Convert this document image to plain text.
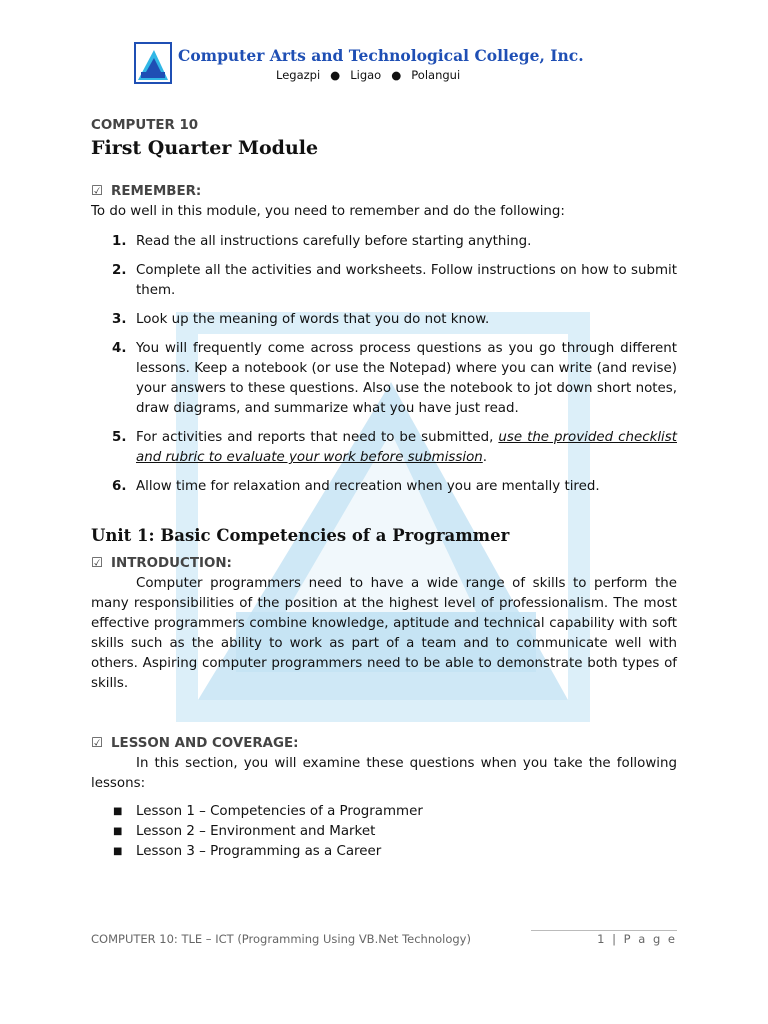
Computer Arts and Technological College, Inc.
Legazpi ● Ligao ● Polangui
COMPUTER 10
First Quarter Module
☑ REMEMBER:
To do well in this module, you need to remember and do the following:
1. Read the all instructions carefully before starting anything.
2. Complete all the activities and worksheets. Follow instructions on how to submit them.
3. Look up the meaning of words that you do not know.
4. You will frequently come across process questions as you go through different lessons. Keep a notebook (or use the Notepad) where you can write (and revise) your answers to these questions. Also use the notebook to jot down short notes, draw diagrams, and summarize what you have just read.
5. For activities and reports that need to be submitted, use the provided checklist and rubric to evaluate your work before submission.
6. Allow time for relaxation and recreation when you are mentally tired.
Unit 1: Basic Competencies of a Programmer
☑ INTRODUCTION:
Computer programmers need to have a wide range of skills to perform the many responsibilities of the position at the highest level of professionalism. The most effective programmers combine knowledge, aptitude and technical capability with soft skills such as the ability to work as part of a team and to communicate well with others. Aspiring computer programmers need to be able to demonstrate both types of skills.
☑ LESSON AND COVERAGE:
In this section, you will examine these questions when you take the following lessons:
■ Lesson 1 – Competencies of a Programmer
■ Lesson 2 – Environment and Market
■ Lesson 3 – Programming as a Career
COMPUTER 10: TLE – ICT (Programming Using VB.Net Technology)	1 | P a g e
